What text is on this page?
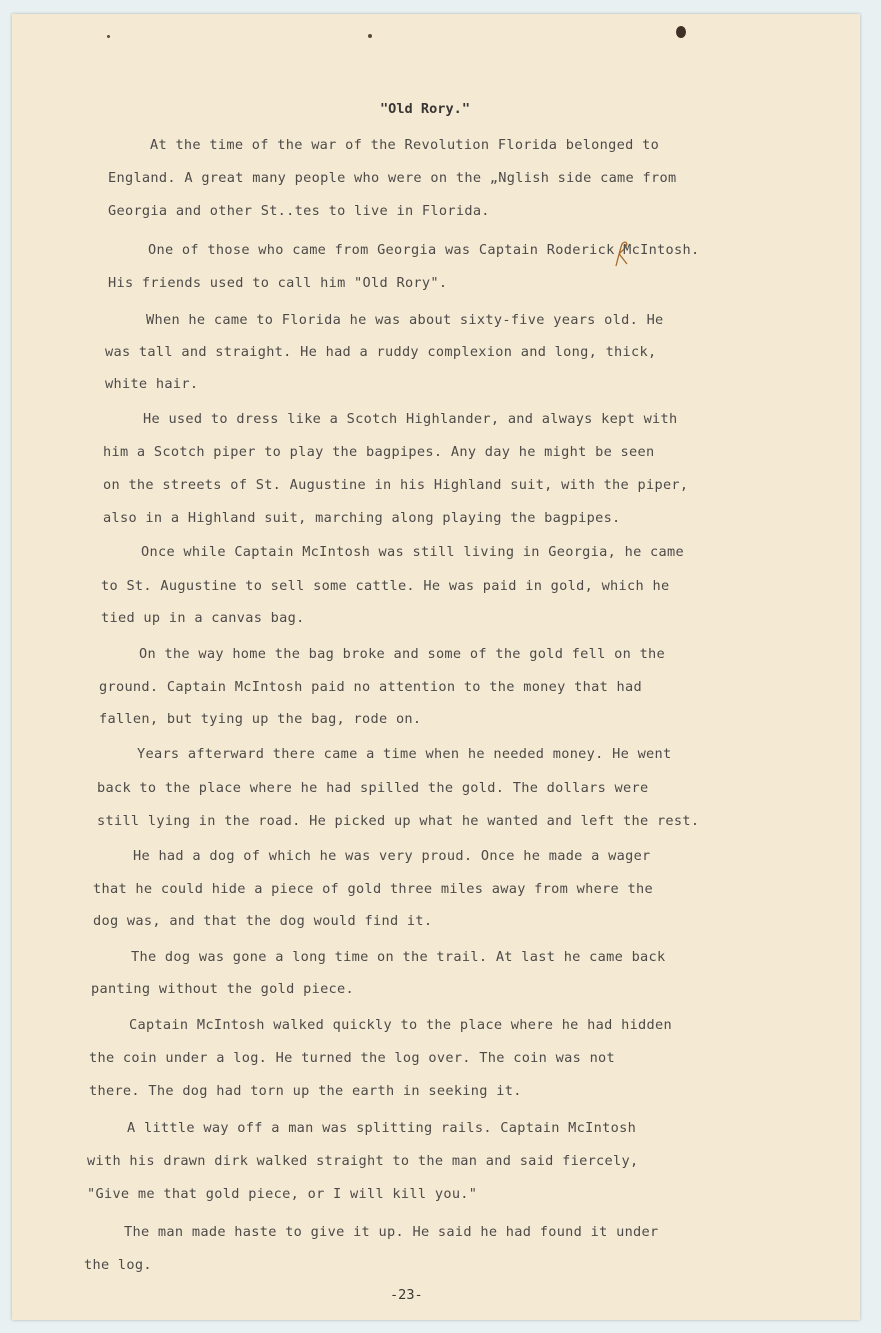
"Old Rory."
At the time of the war of the Revolution Florida belonged to
England. A great many people who were on the „Nglish side came from
Georgia and other St..tes to live in Florida.
One of those who came from Georgia was Captain Roderick McIntosh.
His friends used to call him "Old Rory".
When he came to Florida he was about sixty-five years old. He
was tall and straight. He had a ruddy complexion and long, thick,
white hair.
He used to dress like a Scotch Highlander, and always kept with
him a Scotch piper to play the bagpipes. Any day he might be seen
on the streets of St. Augustine in his Highland suit, with the piper,
also in a Highland suit, marching along playing the bagpipes.
Once while Captain McIntosh was still living in Georgia, he came
to St. Augustine to sell some cattle. He was paid in gold, which he
tied up in a canvas bag.
On the way home the bag broke and some of the gold fell on the
ground. Captain McIntosh paid no attention to the money that had
fallen, but tying up the bag, rode on.
Years afterward there came a time when he needed money. He went
back to the place where he had spilled the gold. The dollars were
still lying in the road. He picked up what he wanted and left the rest.
He had a dog of which he was very proud. Once he made a wager
that he could hide a piece of gold three miles away from where the
dog was, and that the dog would find it.
The dog was gone a long time on the trail. At last he came back
panting without the gold piece.
Captain McIntosh walked quickly to the place where he had hidden
the coin under a log. He turned the log over. The coin was not
there. The dog had torn up the earth in seeking it.
A little way off a man was splitting rails. Captain McIntosh
with his drawn dirk walked straight to the man and said fiercely,
"Give me that gold piece, or I will kill you."
The man made haste to give it up. He said he had found it under
the log.
-23-
